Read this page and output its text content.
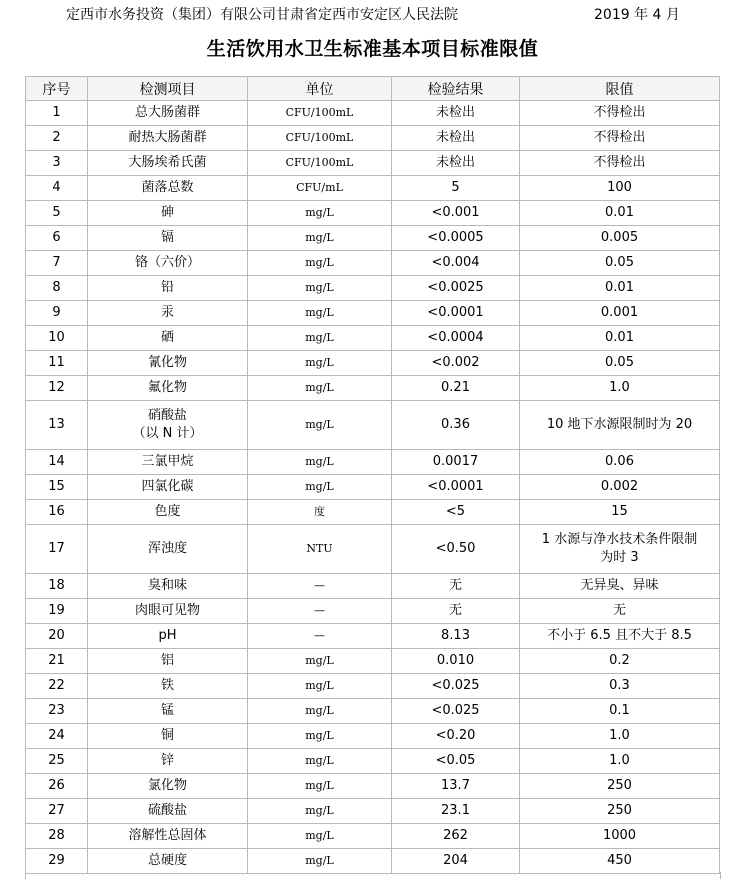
定西市水务投资（集团）有限公司甘肃省定西市安定区人民法院	2019 年 4 月
生活饮用水卫生标准基本项目标准限值
序号	检测项目	单位	检验结果	限值

1	总大肠菌群	CFU/100mL	未检出	不得检出

2	耐热大肠菌群	CFU/100mL	未检出	不得检出

3	大肠埃希氏菌	CFU/100mL	未检出	不得检出

4	菌落总数	CFU/mL	5	100

5	砷	mg/L	<0.001	0.01

6	镉	mg/L	<0.0005	0.005

7	铬（六价）	mg/L	<0.004	0.05

8	铅	mg/L	<0.0025	0.01

9	汞	mg/L	<0.0001	0.001

10	硒	mg/L	<0.0004	0.01

11	氰化物	mg/L	<0.002	0.05

12	氟化物	mg/L	0.21	1.0

13	硝酸盐
（以 N 计）	mg/L	0.36	10 地下水源限制时为 20

14	三氯甲烷	mg/L	0.0017	0.06

15	四氯化碳	mg/L	<0.0001	0.002

16	色度	度	<5	15

17	浑浊度	NTU	<0.50	1 水源与净水技术条件限制
为时 3

18	臭和味	—	无	无异臭、异味

19	肉眼可见物	—	无	无

20	pH	—	8.13	不小于 6.5 且不大于 8.5

21	铝	mg/L	0.010	0.2

22	铁	mg/L	<0.025	0.3

23	锰	mg/L	<0.025	0.1

24	铜	mg/L	<0.20	1.0

25	锌	mg/L	<0.05	1.0

26	氯化物	mg/L	13.7	250

27	硫酸盐	mg/L	23.1	250

28	溶解性总固体	mg/L	262	1000

29	总硬度	mg/L	204	450
